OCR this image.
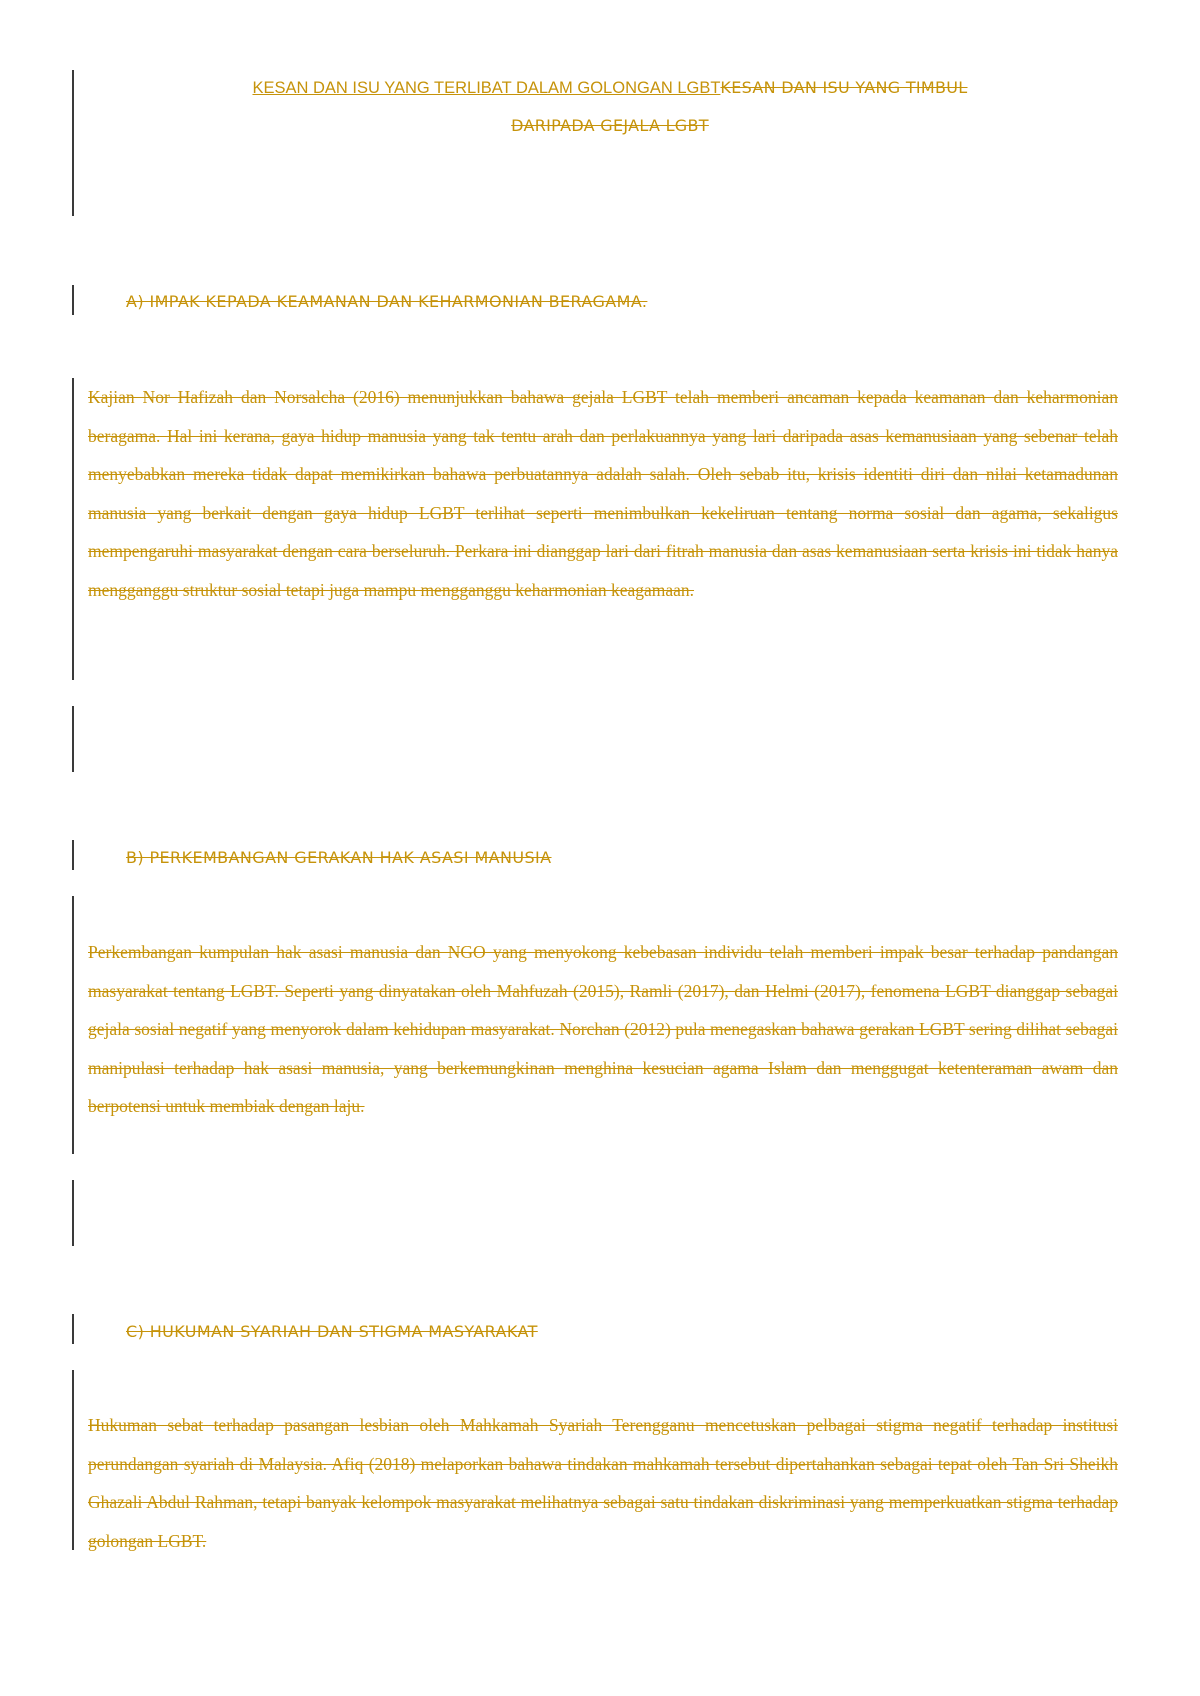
KESAN DAN ISU YANG TERLIBAT DALAM GOLONGAN LGBTKESAN DAN ISU YANG TIMBUL
DARIPADA GEJALA LGBT
A) IMPAK KEPADA KEAMANAN DAN KEHARMONIAN BERAGAMA.

Kajian Nor Hafizah dan Norsalcha (2016) menunjukkan bahawa gejala LGBT telah memberi ancaman kepada keamanan dan keharmonian beragama. Hal ini kerana, gaya hidup manusia yang tak tentu arah dan perlakuannya yang lari daripada asas kemanusiaan yang sebenar telah menyebabkan mereka tidak dapat memikirkan bahawa perbuatannya adalah salah. Oleh sebab itu, krisis identiti diri dan nilai ketamadunan manusia yang berkait dengan gaya hidup LGBT terlihat seperti menimbulkan kekeliruan tentang norma sosial dan agama, sekaligus mempengaruhi masyarakat dengan cara berseluruh. Perkara ini dianggap lari dari fitrah manusia dan asas kemanusiaan serta krisis ini tidak hanya mengganggu struktur sosial tetapi juga mampu mengganggu keharmonian keagamaan.

B) PERKEMBANGAN GERAKAN HAK ASASI MANUSIA

Perkembangan kumpulan hak asasi manusia dan NGO yang menyokong kebebasan individu telah memberi impak besar terhadap pandangan masyarakat tentang LGBT. Seperti yang dinyatakan oleh Mahfuzah (2015), Ramli (2017), dan Helmi (2017), fenomena LGBT dianggap sebagai gejala sosial negatif yang menyorok dalam kehidupan masyarakat. Norchan (2012) pula menegaskan bahawa gerakan LGBT sering dilihat sebagai manipulasi terhadap hak asasi manusia, yang berkemungkinan menghina kesucian agama Islam dan menggugat ketenteraman awam dan berpotensi untuk membiak dengan laju.

C) HUKUMAN SYARIAH DAN STIGMA MASYARAKAT

Hukuman sebat terhadap pasangan lesbian oleh Mahkamah Syariah Terengganu mencetuskan pelbagai stigma negatif terhadap institusi perundangan syariah di Malaysia. Afiq (2018) melaporkan bahawa tindakan mahkamah tersebut dipertahankan sebagai tepat oleh Tan Sri Sheikh Ghazali Abdul Rahman, tetapi banyak kelompok masyarakat melihatnya sebagai satu tindakan diskriminasi yang memperkuatkan stigma terhadap golongan LGBT.
